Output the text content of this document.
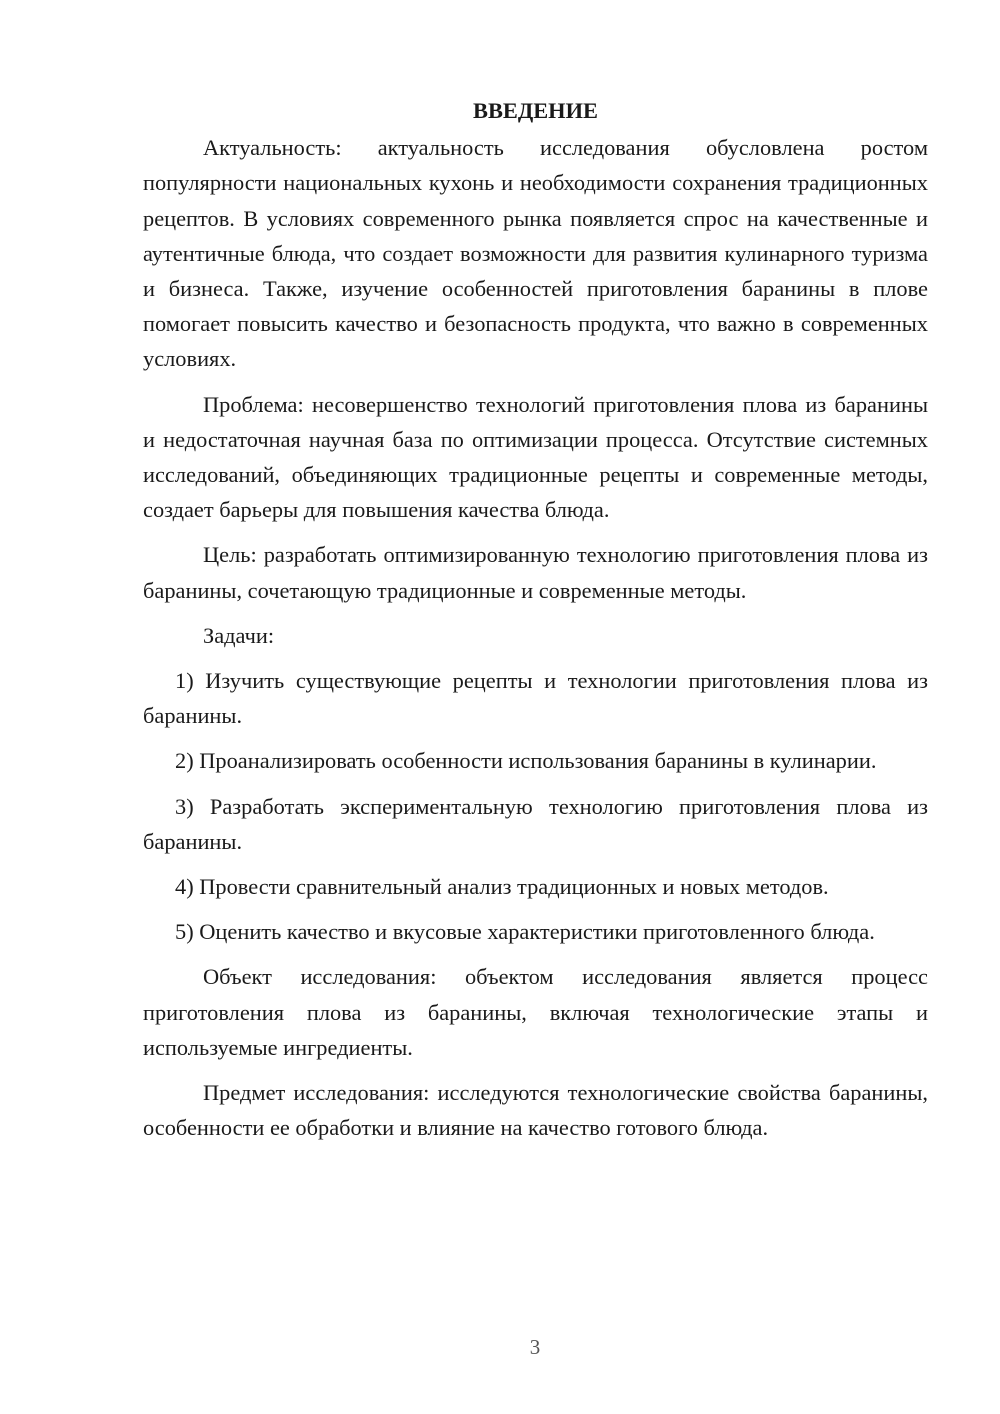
ВВЕДЕНИЕ

Актуальность: актуальность исследования обусловлена ростом популярности национальных кухонь и необходимости сохранения традиционных рецептов. В условиях современного рынка появляется спрос на качественные и аутентичные блюда, что создает возможности для развития кулинарного туризма и бизнеса. Также, изучение особенностей приготовления баранины в плове помогает повысить качество и безопасность продукта, что важно в современных условиях.

Проблема: несовершенство технологий приготовления плова из баранины и недостаточная научная база по оптимизации процесса. Отсутствие системных исследований, объединяющих традиционные рецепты и современные методы, создает барьеры для повышения качества блюда.

Цель: разработать оптимизированную технологию приготовления плова из баранины, сочетающую традиционные и современные методы.

Задачи:

1) Изучить существующие рецепты и технологии приготовления плова из баранины.

2) Проанализировать особенности использования баранины в кулинарии.

3) Разработать экспериментальную технологию приготовления плова из баранины.

4) Провести сравнительный анализ традиционных и новых методов.

5) Оценить качество и вкусовые характеристики приготовленного блюда.

Объект исследования: объектом исследования является процесс приготовления плова из баранины, включая технологические этапы и используемые ингредиенты.

Предмет исследования: исследуются технологические свойства баранины, особенности ее обработки и влияние на качество готового блюда.

3
